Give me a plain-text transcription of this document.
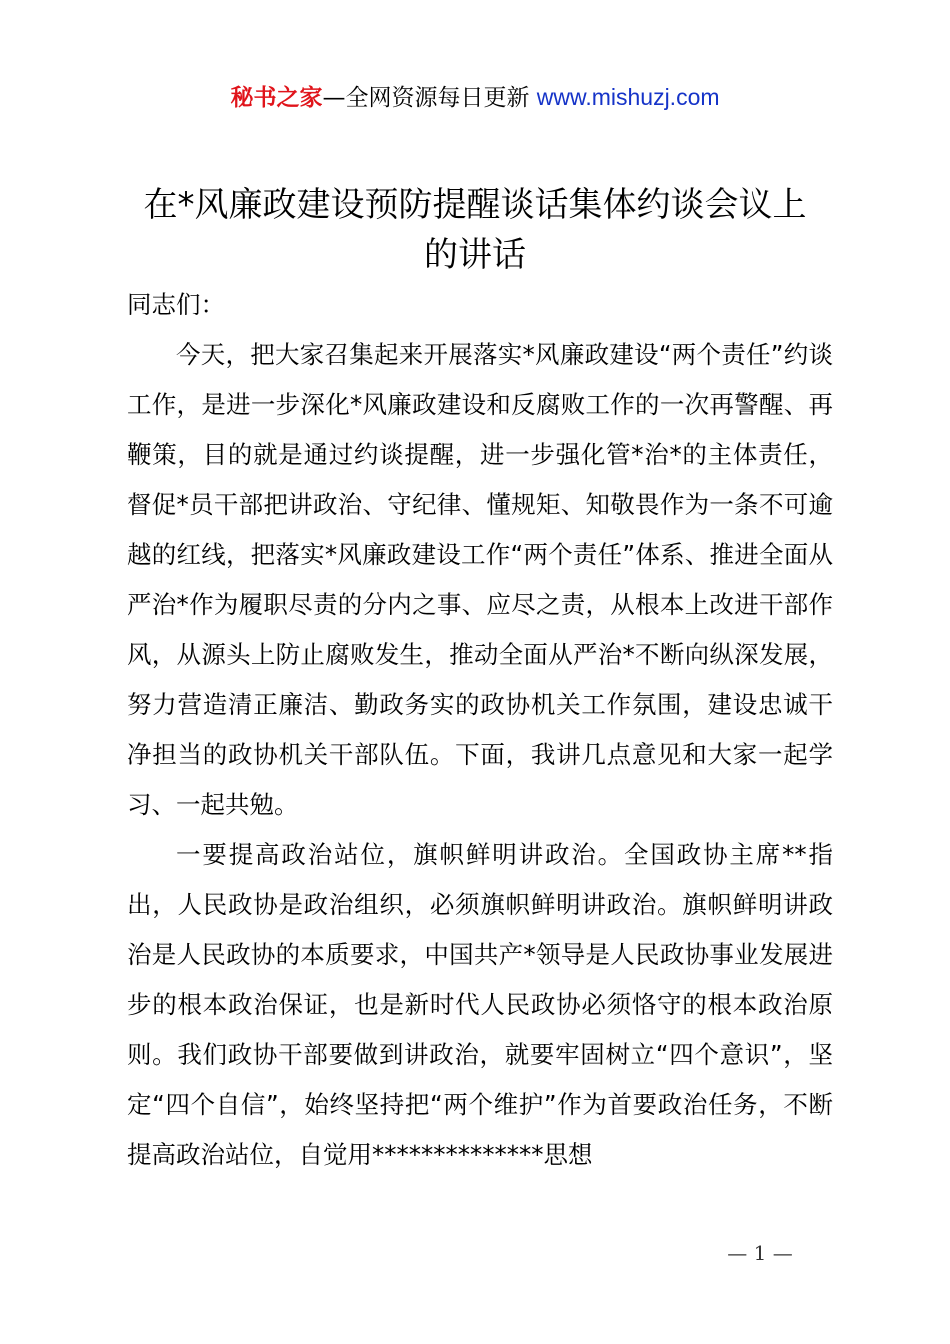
秘书之家—全网资源每日更新 www.mishuzj.com
在*风廉政建设预防提醒谈话集体约谈会议上
的讲话

同志们：

今天，把大家召集起来开展落实*风廉政建设“两个责任”约谈工作，是进一步深化*风廉政建设和反腐败工作的一次再警醒、再鞭策，目的就是通过约谈提醒，进一步强化管*治*的主体责任，督促*员干部把讲政治、守纪律、懂规矩、知敬畏作为一条不可逾越的红线，把落实*风廉政建设工作“两个责任”体系、推进全面从严治*作为履职尽责的分内之事、应尽之责，从根本上改进干部作风，从源头上防止腐败发生，推动全面从严治*不断向纵深发展，努力营造清正廉洁、勤政务实的政协机关工作氛围，建设忠诚干净担当的政协机关干部队伍。下面，我讲几点意见和大家一起学习、一起共勉。

一要提高政治站位，旗帜鲜明讲政治。全国政协主席**指出，人民政协是政治组织，必须旗帜鲜明讲政治。旗帜鲜明讲政治是人民政协的本质要求，中国共产*领导是人民政协事业发展进步的根本政治保证，也是新时代人民政协必须恪守的根本政治原则。我们政协干部要做到讲政治，就要牢固树立“四个意识”，坚定“四个自信”，始终坚持把“两个维护”作为首要政治任务，不断提高政治站位，自觉用**************思想

— 1 —
